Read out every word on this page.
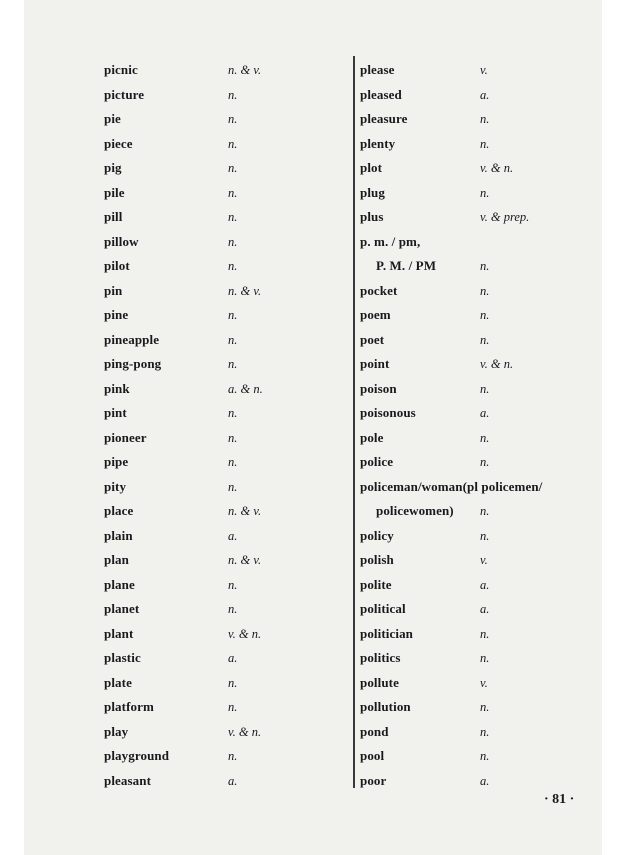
picnic	n. & v.
picture	n.
pie	n.
piece	n.
pig	n.
pile	n.
pill	n.
pillow	n.
pilot	n.
pin	n. & v.
pine	n.
pineapple	n.
ping-pong	n.
pink	a. & n.
pint	n.
pioneer	n.
pipe	n.
pity	n.
place	n. & v.
plain	a.
plan	n. & v.
plane	n.
planet	n.
plant	v. & n.
plastic	a.
plate	n.
platform	n.
play	v. & n.
playground	n.
pleasant	a.
please	v.
pleased	a.
pleasure	n.
plenty	n.
plot	v. & n.
plug	n.
plus	v. & prep.
p. m. / pm,
P. M. / PM	n.
pocket	n.
poem	n.
poet	n.
point	v. & n.
poison	n.
poisonous	a.
pole	n.
police	n.
policeman/woman(pl policemen/
policewomen) n.
policy	n.
polish	v.
polite	a.
political	a.
politician	n.
politics	n.
pollute	v.
pollution	n.
pond	n.
pool	n.
poor	a.
· 81 ·
